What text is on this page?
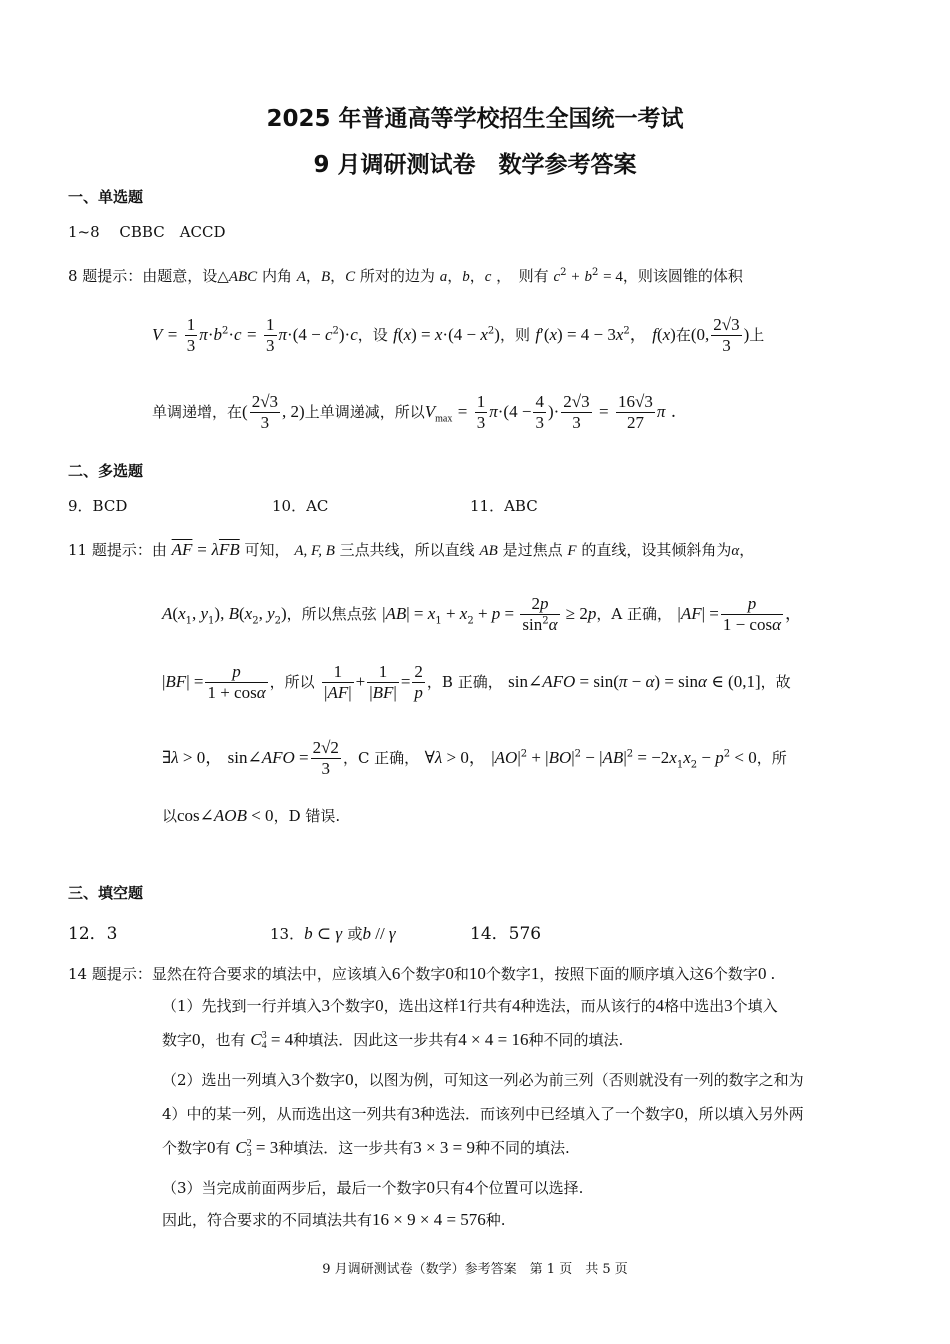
2025 年普通高等学校招生全国统一考试
9 月调研测试卷　数学参考答案
一、单选题
1~8　 CBBC　ACCD
8 题提示：由题意，设△ABC 内角 A，B，C 所对的边为 a，b，c ，　则有 $c^2 + b^2 = 4$，则该圆锥的体积
$V = \frac{1}{3} \pi\cdot b^2\cdot c = \frac{1}{3} \pi\cdot(4 - c^2)\cdot c$，设 $f(x) = x\cdot(4 - x^2)$，则 $f'(x) = 4 - 3x^2$， f(x)在(0, $\frac{2√3}{3}$ )上
单调递增，在( $\frac{2√3}{3}$ , 2)上单调递减，所以$V_{max} = \frac{1}{3} \pi\cdot(4 - \frac{4}{3}$ )· $\frac{2√3}{3} = \frac{16√3}{27}$ π .
二、多选题
9．BCD	10．AC	11．ABC
11 题提示：由 $\overline{AF} = \lambda\overline{FB}$ 可知， A, F, B 三点共线，所以直线 AB 是过焦点 F 的直线，设其倾斜角为α，
$A(x_1$, $y_1$), $B(x_2$, $y_2$)，所以焦点弦 $|AB| = x_1 + x_2 + p = \frac{2p}{\sin^2\alpha} \ge 2p$，A 正确， $|AF| = \frac{p}{1 - \cos\alpha}$ ，
$|BF| = \frac{p}{1 + \cos\alpha}$ ，所以 $\frac{1}{|AF|} + \frac{1}{|BF|} = \frac{2}{p}$ ，B 正确， sin∠AFO = sin(π − α) = sinα ∈ (0,1]，故
∃λ > 0， sin∠AFO = $\frac{2√2}{3}$ ，C 正确， ∀λ > 0， $|AO|^2 + |BO|^2 - |AB|^2 = -2x_1x_2 - p^2 < 0$，所
以cos∠AOB < 0，D 错误.
三、填空题
12．3	13．b ⊂ γ 或b // γ	14．576
14 题提示：显然在符合要求的填法中，应该填入6个数字0和10个数字1，按照下面的顺序填入这6个数字0 .
（1）先找到一行并填入3个数字0，选出这样1行共有4种选法，而从该行的4格中选出3个填入
数字0，也有 C 3
4 = 4种填法．因此这一步共有4 × 4 = 16种不同的填法.
（2）选出一列填入3个数字0，以图为例，可知这一列必为前三列（否则就没有一列的数字之和为
4）中的某一列，从而选出这一列共有3种选法．而该列中已经填入了一个数字0，所以填入另外两
个数字0有 C 2
3 = 3种填法．这一步共有3 × 3 = 9种不同的填法.
（3）当完成前面两步后，最后一个数字0只有4个位置可以选择.
因此，符合要求的不同填法共有16 × 9 × 4 = 576种.
9 月调研测试卷（数学）参考答案　第 1 页　共 5 页
